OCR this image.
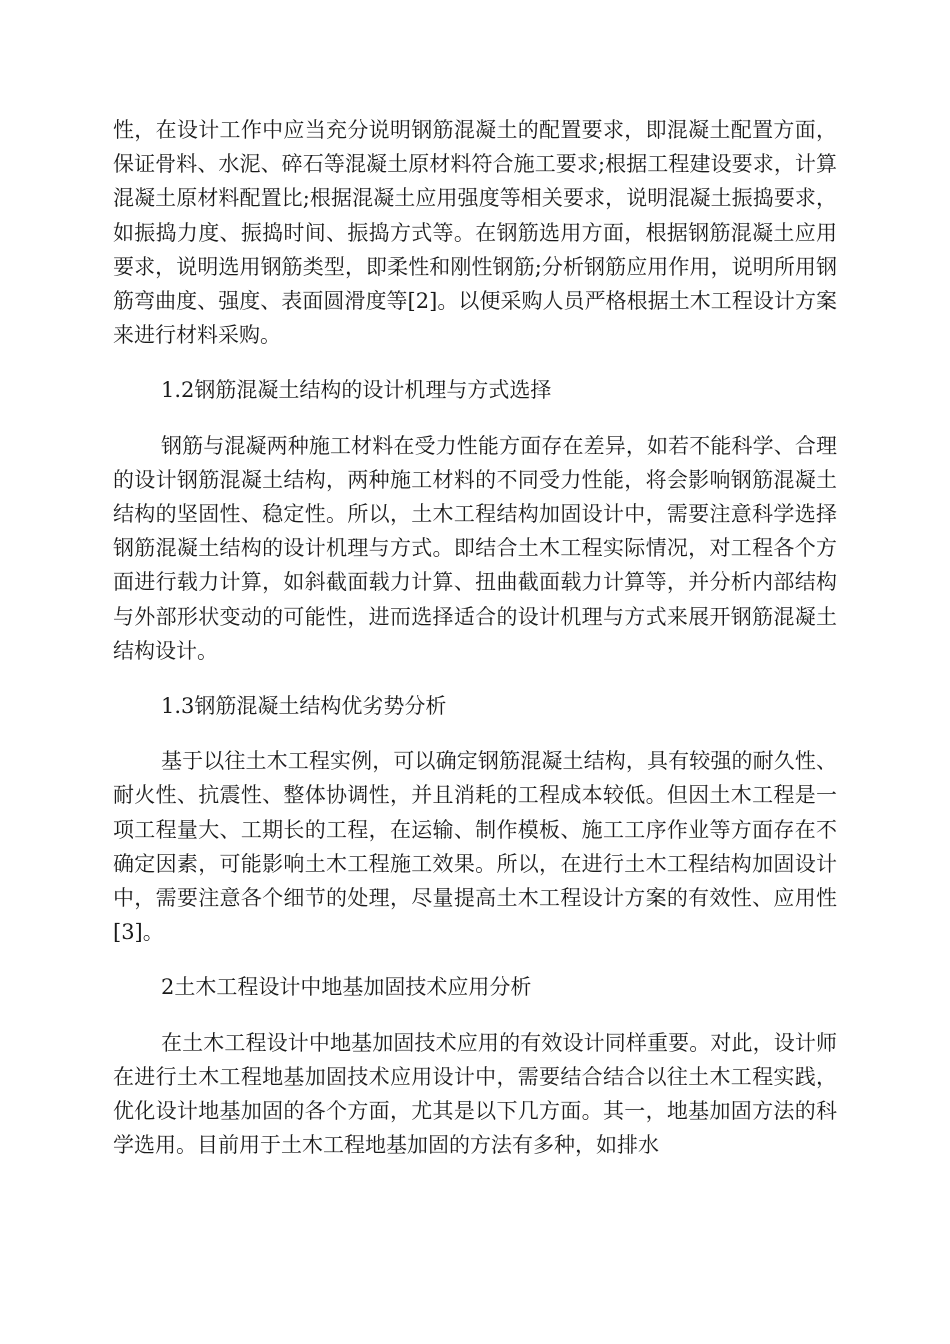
性，在设计工作中应当充分说明钢筋混凝土的配置要求，即混凝土配置方面，保证骨料、水泥、碎石等混凝土原材料符合施工要求;根据工程建设要求，计算混凝土原材料配置比;根据混凝土应用强度等相关要求，说明混凝土振捣要求，如振捣力度、振捣时间、振捣方式等。在钢筋选用方面，根据钢筋混凝土应用要求，说明选用钢筋类型，即柔性和刚性钢筋;分析钢筋应用作用，说明所用钢筋弯曲度、强度、表面圆滑度等[2]。以便采购人员严格根据土木工程设计方案来进行材料采购。

1.2钢筋混凝土结构的设计机理与方式选择

钢筋与混凝两种施工材料在受力性能方面存在差异，如若不能科学、合理的设计钢筋混凝土结构，两种施工材料的不同受力性能，将会影响钢筋混凝土结构的坚固性、稳定性。所以，土木工程结构加固设计中，需要注意科学选择钢筋混凝土结构的设计机理与方式。即结合土木工程实际情况，对工程各个方面进行载力计算，如斜截面载力计算、扭曲截面载力计算等，并分析内部结构与外部形状变动的可能性，进而选择适合的设计机理与方式来展开钢筋混凝土结构设计。

1.3钢筋混凝土结构优劣势分析

基于以往土木工程实例，可以确定钢筋混凝土结构，具有较强的耐久性、耐火性、抗震性、整体协调性，并且消耗的工程成本较低。但因土木工程是一项工程量大、工期长的工程，在运输、制作模板、施工工序作业等方面存在不确定因素，可能影响土木工程施工效果。所以，在进行土木工程结构加固设计中，需要注意各个细节的处理，尽量提高土木工程设计方案的有效性、应用性[3]。

2土木工程设计中地基加固技术应用分析

在土木工程设计中地基加固技术应用的有效设计同样重要。对此，设计师在进行土木工程地基加固技术应用设计中，需要结合结合以往土木工程实践，优化设计地基加固的各个方面，尤其是以下几方面。其一，地基加固方法的科学选用。目前用于土木工程地基加固的方法有多种，如排水
